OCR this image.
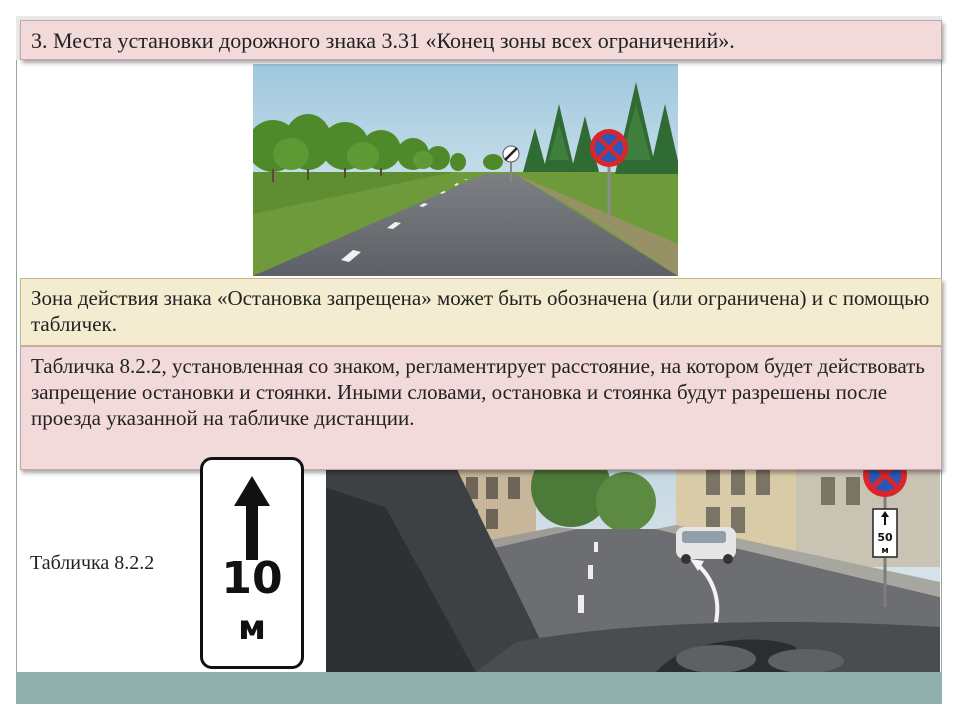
50
м
3. Места установки дорожного знака 3.31 «Конец зоны всех ограничений».
Зона действия знака «Остановка запрещена» может быть обозначена (или ограничена) и с помощью табличек.
Табличка 8.2.2, установленная со знаком, регламентирует расстояние, на котором будет действовать запрещение остановки и стоянки. Иными словами, остановка и стоянка будут разрешены после проезда указанной на табличке дистанции.
10
м
Табличка 8.2.2
